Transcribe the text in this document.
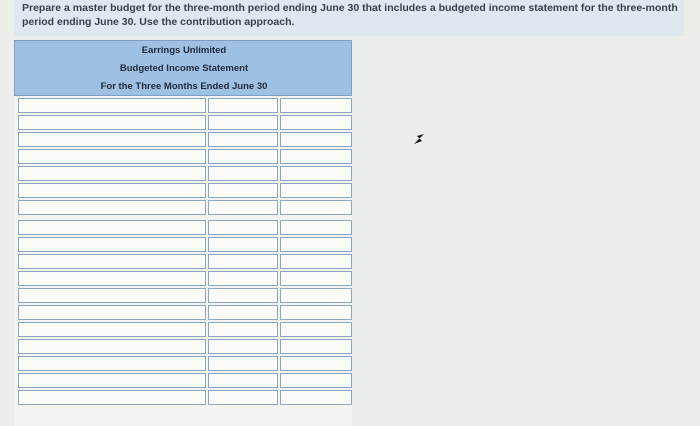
Prepare a master budget for the three-month period ending June 30 that includes a budgeted income statement for the three-month period ending June 30. Use the contribution approach.
Earrings Unlimited
Budgeted Income Statement
For the Three Months Ended June 30
